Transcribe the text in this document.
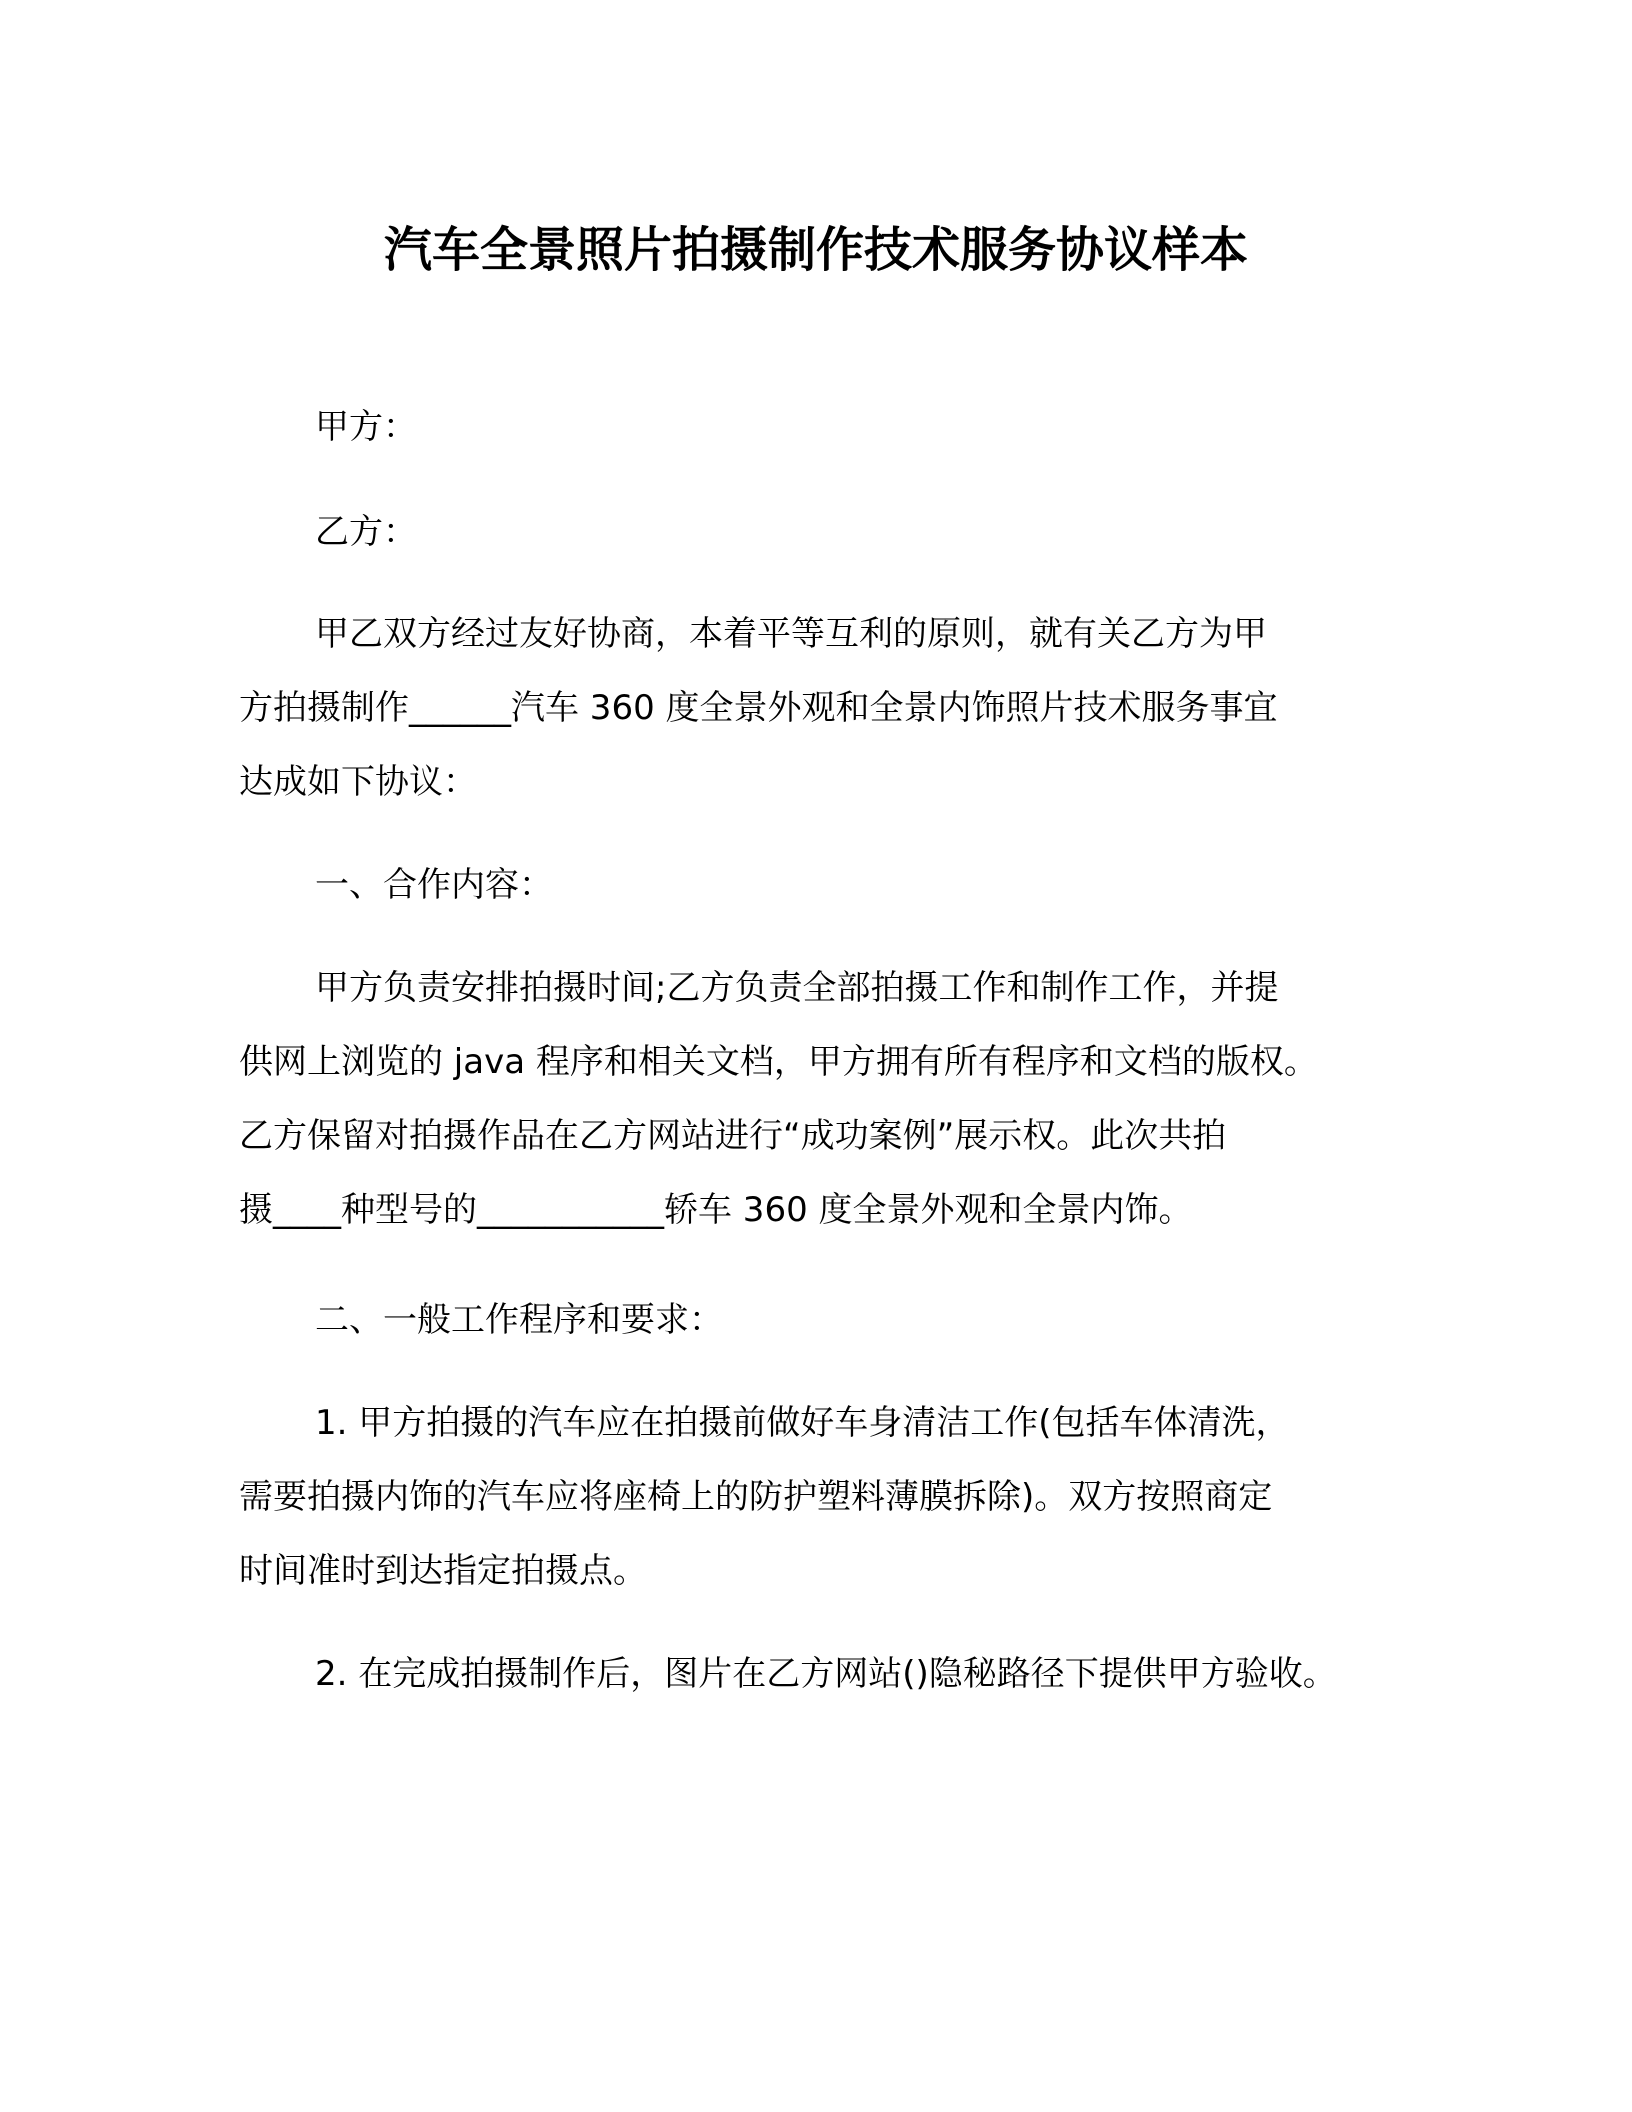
汽车全景照片拍摄制作技术服务协议样本

甲方：

乙方：

甲乙双方经过友好协商，本着平等互利的原则，就有关乙方为甲
方拍摄制作______汽车 360 度全景外观和全景内饰照片技术服务事宜
达成如下协议：

一、合作内容：

甲方负责安排拍摄时间;乙方负责全部拍摄工作和制作工作，并提
供网上浏览的 java 程序和相关文档，甲方拥有所有程序和文档的版权。
乙方保留对拍摄作品在乙方网站进行“成功案例”展示权。此次共拍
摄____种型号的___________轿车 360 度全景外观和全景内饰。

二、一般工作程序和要求：

1. 甲方拍摄的汽车应在拍摄前做好车身清洁工作(包括车体清洗，
需要拍摄内饰的汽车应将座椅上的防护塑料薄膜拆除)。双方按照商定
时间准时到达指定拍摄点。
2. 在完成拍摄制作后，图片在乙方网站()隐秘路径下提供甲方验收。
